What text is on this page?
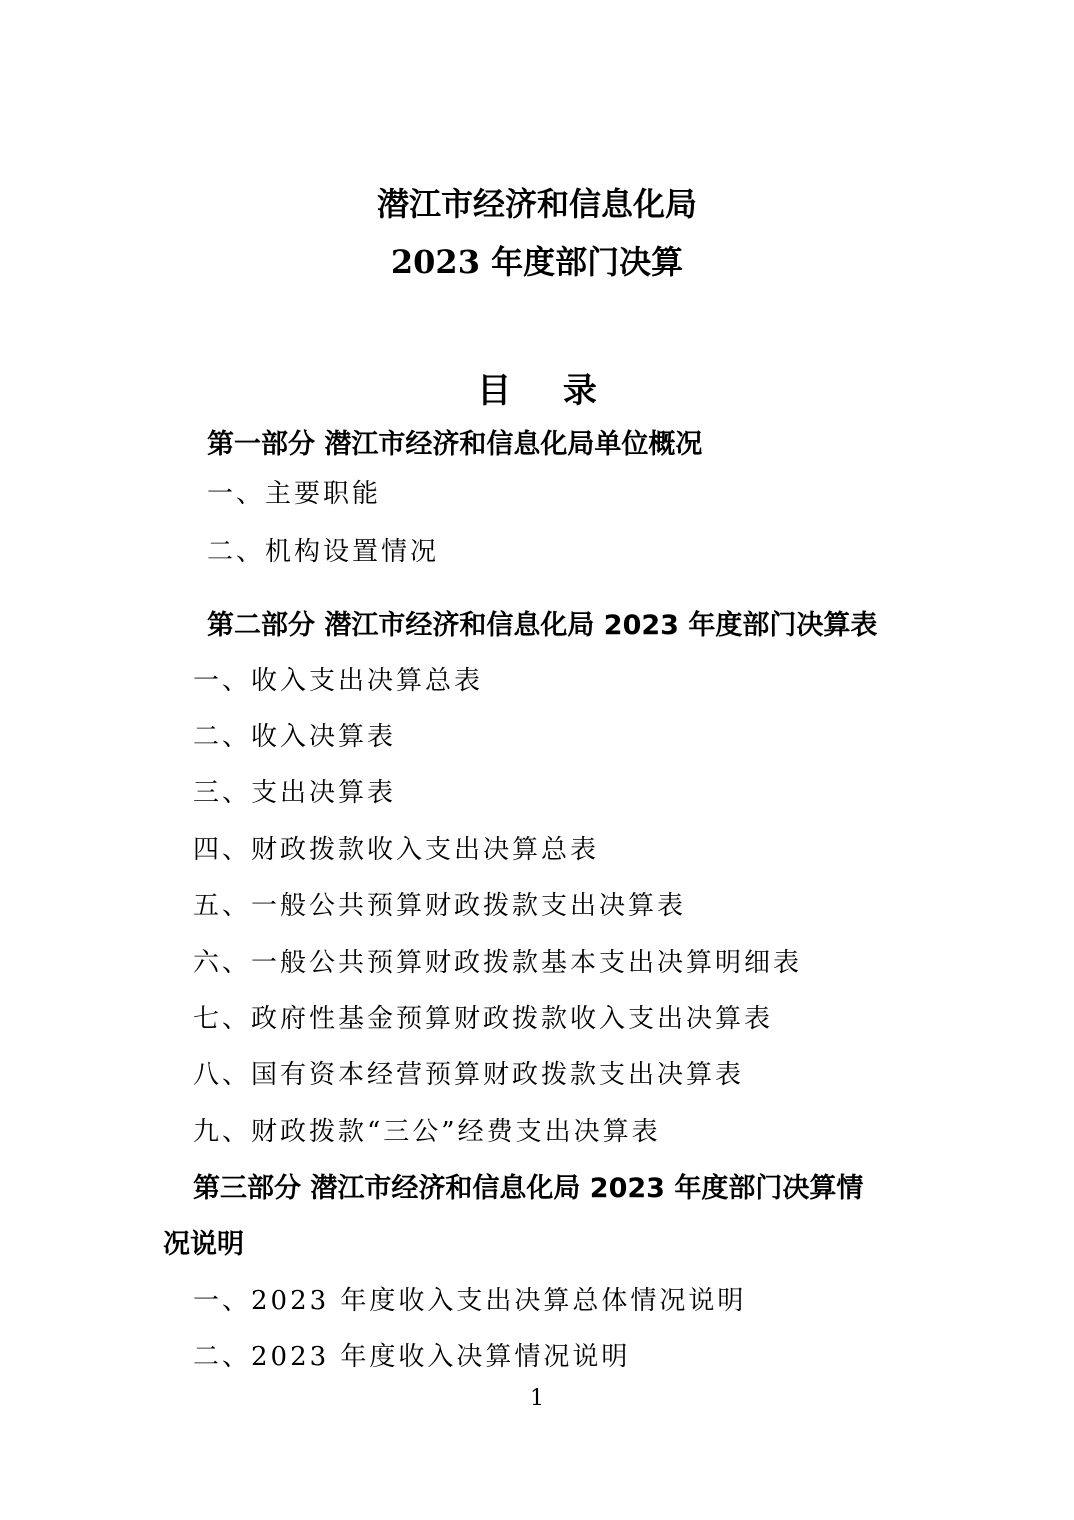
潜江市经济和信息化局
2023 年度部门决算
目 录
第一部分 潜江市经济和信息化局单位概况
一、主要职能
二、机构设置情况
第二部分 潜江市经济和信息化局 2023 年度部门决算表
一、收入支出决算总表
二、收入决算表
三、支出决算表
四、财政拨款收入支出决算总表
五、一般公共预算财政拨款支出决算表
六、一般公共预算财政拨款基本支出决算明细表
七、政府性基金预算财政拨款收入支出决算表
八、国有资本经营预算财政拨款支出决算表
九、财政拨款“三公”经费支出决算表
第三部分 潜江市经济和信息化局 2023 年度部门决算情
况说明
一、2023 年度收入支出决算总体情况说明
二、2023 年度收入决算情况说明
1
